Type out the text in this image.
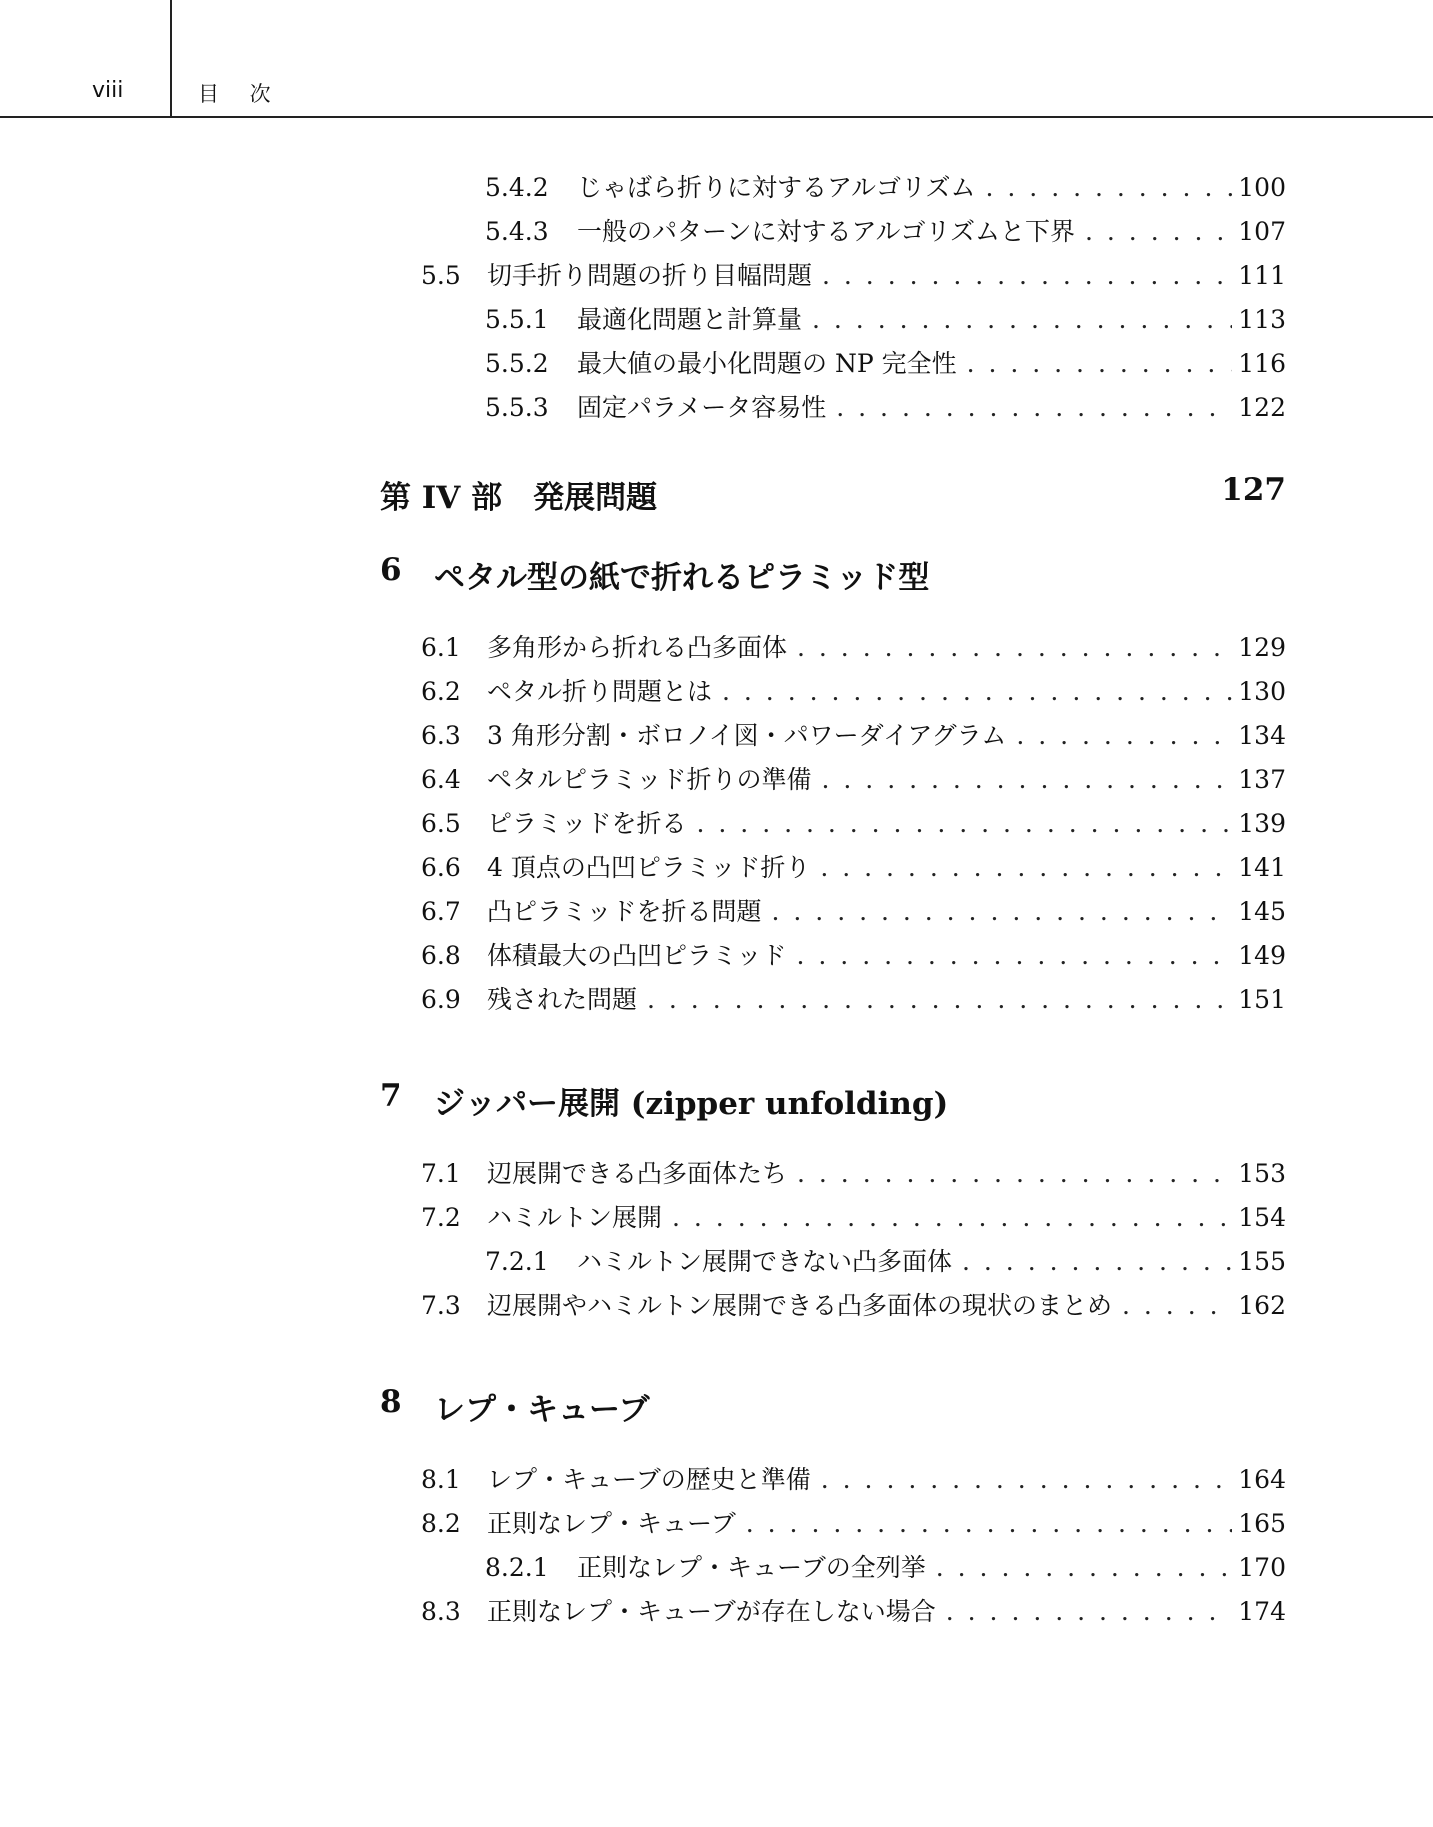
viii	目 次
5.4.2	じゃばら折りに対するアルゴリズム . . .	100
5.4.3	一般のパターンに対するアルゴリズムと下界 . . .	107
5.5	切手折り問題の折り目幅問題 . . .	111
5.5.1	最適化問題と計算量 . . .	113
5.5.2	最大値の最小化問題の NP 完全性 . . .	116
5.5.3	固定パラメータ容易性 . . .	122
第 IV 部　発展問題	127
6	ペタル型の紙で折れるピラミッド型
6.1	多角形から折れる凸多面体 . . .	129
6.2	ペタル折り問題とは . . .	130
6.3	3 角形分割・ボロノイ図・パワーダイアグラム . . .	134
6.4	ペタルピラミッド折りの準備 . . .	137
6.5	ピラミッドを折る . . .	139
6.6	4 頂点の凸凹ピラミッド折り . . .	141
6.7	凸ピラミッドを折る問題 . . .	145
6.8	体積最大の凸凹ピラミッド . . .	149
6.9	残された問題 . . .	151
7	ジッパー展開 (zipper unfolding)
7.1	辺展開できる凸多面体たち . . .	153
7.2	ハミルトン展開 . . .	154
7.2.1	ハミルトン展開できない凸多面体 . . .	155
7.3	辺展開やハミルトン展開できる凸多面体の現状のまとめ . . .	162
8	レプ・キューブ
8.1	レプ・キューブの歴史と準備 . . .	164
8.2	正則なレプ・キューブ . . .	165
8.2.1	正則なレプ・キューブの全列挙 . . .	170
8.3	正則なレプ・キューブが存在しない場合 . . .	174
